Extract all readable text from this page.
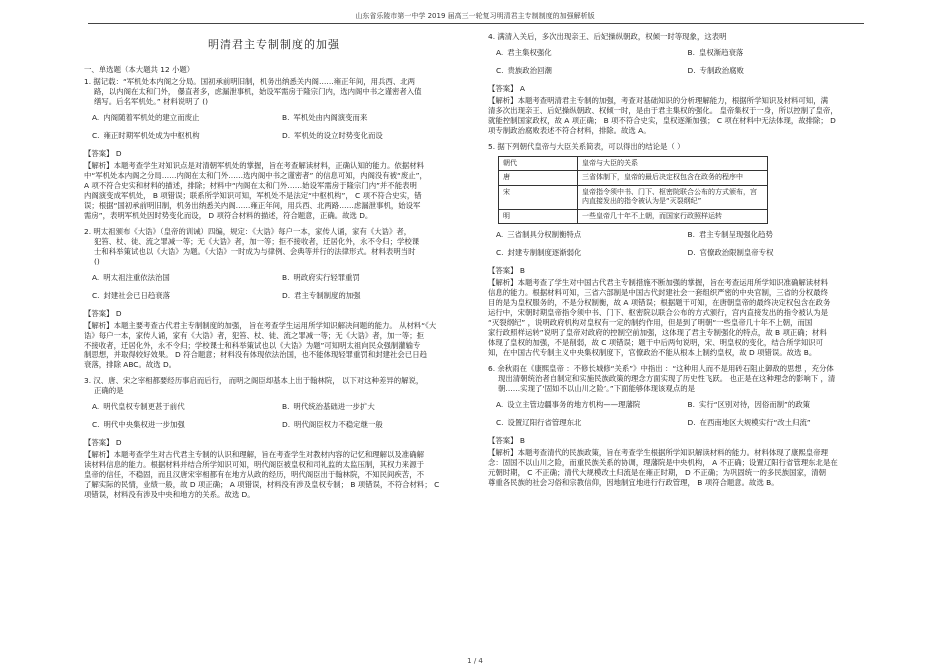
山东省乐陵市第一中学 2019 届高三一轮复习明清君主专制制度的加强解析版
明清君主专制制度的加强
一、单选题（本大题共 12 小题）

1. 据记载：“军机处本内阁之分局。国初承前明旧制，机务出纳悉关内阁……雍正年间，用兵西、北两

路，以内阁在太和门外， 儤直者多，虑漏泄事机，始设军需房于隆宗门内，选内阁中书之谨密者入值

缮写。后名军机处。” 材料说明了 ()

A. 内阁随着军机处的建立而废止	B. 军机处由内阁演变而来
C. 雍正时期军机处成为中枢机构	D. 军机处的设立时势变化而设
【答案】 D

【解析】本题考查学生对知识点是对清朝军机处的掌握，旨在考查解读材料，正确认知的能力。依据材料

中“军机处本内阁之分局……内阁在太和门外……选内阁中书之谨密者” 的信息可知，内阁没有被“废止”，

A 项不符合史实和材料的描述，排除；材料中“内阁在太和门外……始设军需房于隆宗门内”并不能表明

内阁演变成军机处， B 项错误；联系所学知识可知，军机处不是法定“中枢机构”， C 项不符合史实，错

误；根据“国初承前明旧制，机务出纳悉关内阁……雍正年间，用兵西、北两路……虑漏泄事机，始设军

需房”，表明军机处因时势变化而设， D 项符合材料的描述，符合题意，正确。故选 D。

2. 明太祖颁布《大诰》（皇帝的训诫）四编，规定：《大诰》每户一本，家传人诵，家有《大诰》者，

犯笞、杖、徒、流之罪减一等；无《大诰》者，加一等；拒不接收者，迁居化外，永不令归；学校课

士和科举策试也以《大诰》为题。《大诰》一时成为与律例、会典等并行的法律形式。材料表明当时

()

A. 明太祖注重依法治国	B. 明政府实行轻罪重罚
C. 封建社会已日趋衰落	D. 君主专制制度的加强
【答案】 D

【解析】本题主要考查古代君主专制制度的加强， 旨在考查学生运用所学知识解决问题的能力。 从材料“《大

诰》每户一本，家传人诵，家有《大诰》者，犯笞、杖、徒、流之罪减一等；无《大诰》者，加一等；拒

不接收者，迁居化外，永不令归；学校课士和科举策试也以《大诰》为题”可知明太祖向民众强制灌输专

制思想，并取得较好效果。 D 符合题意；材料没有体现依法治国，也不能体现轻罪重罚和封建社会已日趋

衰落，排除 ABC。故选 D。

3. 汉、唐、宋之宰相都要经历事启而后行， 而明之阁臣却基本上出于翰林院， 以下对这种差异的解说，

正确的是

A. 明代皇权专制更甚于前代	B. 明代统治基础进一步扩大
C. 明代中央集权进一步加强	D. 明代阁臣权力不稳定继一般
【答案】 D

【解析】本题考查学生对古代君主专制的认识和理解，旨在考查学生对教材内容的记忆和理解以及准确解

读材料信息的能力。根据材料并结合所学知识可知，明代阁臣被皇权和司礼监的太监压制，其权力来源于

皇帝的信任，不稳固，而且汉唐宋宰相都有在地方从政的经历，明代阁臣出于翰林院，不知民间疾苦，不

了解实际的民情，业绩一般，故 D 项正确； A 项错误，材料没有涉及皇权专制； B 项错误，不符合材料； C

项错误，材料没有涉及中央和地方的关系。故选 D。

4. 满清入关后，多次出现亲王、后妃操纵朝政，权倾一时等现象，这表明

A. 君主集权强化	B. 皇权渐趋衰落
C. 贵族政治回潮	D. 专制政治腐败
【答案】 A

【解析】本题考查明清君主专制的加强，考查对基础知识的分析理解能力，根据所学知识及材料可知，满

清多次出现亲王、后妃操纵朝政、权倾一时，是由于君主集权的强化。 皇帝集权于一身，所以控制了皇帝，

就能控制国家政权，故 A 项正确； B 项不符合史实，皇权逐渐加强； C 项在材料中无法体现，故排除； D

项专制政治腐败表述不符合材料，排除。故选 A。

5. 据下列朝代皇帝与大臣关系简表，可以得出的结论是（ ）

朝代	皇帝与大臣的关系
唐	三省体制下，皇帝的最后决定权包含在政务的程序中
宋	皇帝指令须中书、门下、枢密院联合公布的方式颁布，宫内直接发出的指令被认为是“灭裂纲纪”
明	一些皇帝几十年不上朝，而国家行政照样运转
A. 三省制具分权制衡特点	B. 君主专制呈现强化趋势
C. 封建专制制度逐渐弱化	D. 官僚政治限制皇帝专权
【答案】 B

【解析】本题考查了学生对中国古代君主专制措施不断加强的掌握，旨在考查运用所学知识准确解读材料

信息的能力。根据材料可知，三省六部制是中国古代封建社会一套组织严密的中央官制，三省的分权最终

目的是为皇权服务的，不是分权制衡，故 A 项错误；根据题干可知，在唐朝皇帝的最终决定权包含在政务

运行中，宋朝时期皇帝指令须中书、门下、枢密院以联合公布的方式颁行，宫内直接发出的指令被认为是

“灭裂纲纪” ，说明政府机构对皇权有一定的制约作用，但是到了明朝“一些皇帝几十年不上朝，而国

家行政照样运转”说明了皇帝对政府的控制空前加强，这体现了君主专制强化的特点，故 B 项正确；材料

体现了皇权的加强，不是削弱，故 C 项错误；题干中后两句说明，宋、明皇权的变化，结合所学知识可

知，在中国古代专制主义中央集权制度下，官僚政治不能从根本上制约皇权，故 D 项错误。故选 B。

6. 余秋雨在《康熙皇帝 ：不修长城修“关系”》中指出 ：“这种用人而不是用砖石阻止御敌的思想 ，充分体

现出清朝统治者自制定和实施民族政策的理念方面实现了历史性飞跃。 也正是在这种理念的影响下 ，清

朝……实现了‘固如不以山川之险’。”下面能够体现该观点的是

A. 设立主管边疆事务的地方机构——理藩院	B. 实行“区别对待，因俗而制”的政策
C. 设置辽阳行省管理东北	D. 在西南地区大规模实行“改土归流”
【答案】 B

【解析】本题考查清代的民族政策，旨在考查学生根据所学知识解读材料的能力。材料体现了康熙皇帝理

念：固国不以山川之险，而重民族关系的协调，理藩院是中央机构， A 不正确；设置辽阳行省管理东北是在

元朝时期， C 不正确；清代大规模改土归流是在雍正时期， D 不正确；为巩固统一的多民族国家，清朝

尊重各民族的社会习俗和宗教信仰，因地制宜地进行行政管理， B 项符合题意。故选 B。

1 / 4
